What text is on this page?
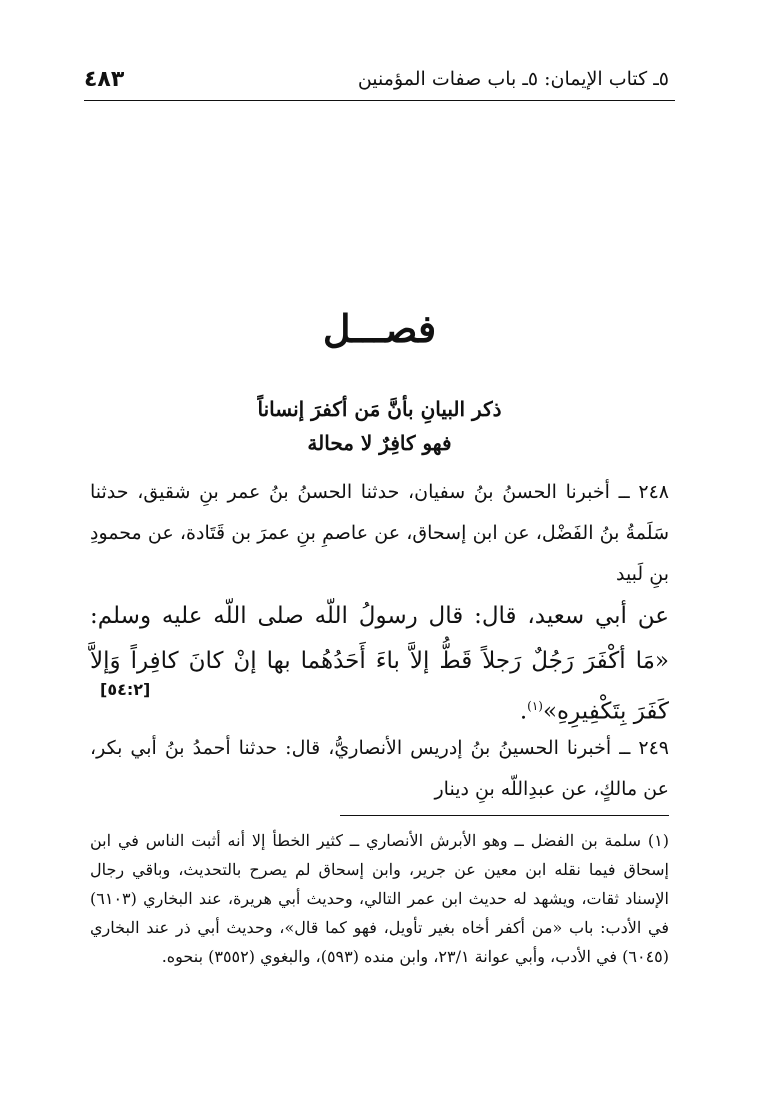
٤٨٣	٥ـ كتاب الإيمان: ٥ـ باب صفات المؤمنين
فصـــل
ذكر البيانِ بأنَّ مَن أكفرَ إنساناً
فهو كافِرٌ لا محالة
٢٤٨ ــ أخبرنا الحسنُ بنُ سفيان، حدثنا الحسنُ بنُ عمر بنِ شقيق، حدثنا سَلَمةُ بنُ الفَضْل، عن ابن إسحاق، عن عاصمِ بنِ عمرَ بن قَتَادة، عن محمودِ بنِ لَبيد
عن أبي سعيد، قال: قال رسولُ اللّه صلى اللّه عليه وسلم: «مَا أكْفَرَ رَجُلٌ رَجلاً قَطُّ إلاَّ باءَ أَحَدُهُما بها إنْ كانَ كافِراً وَإلاَّ كَفَرَ بِتَكْفِيرِهِ»$^{(١)}$.
[٥٤:٢]
٢٤٩ ــ أخبرنا الحسينُ بنُ إدريس الأنصاريُّ، قال: حدثنا أحمدُ بنُ أبي بكر، عن مالكٍ، عن عبدِاللّه بنِ دينار
(١) سلمة بن الفضل ــ وهو الأبرش الأنصاري ــ كثير الخطأ إلا أنه أثبت الناس في ابن إسحاق فيما نقله ابن معين عن جرير، وابن إسحاق لم يصرح بالتحديث، وباقي رجال الإسناد ثقات، ويشهد له حديث ابن عمر التالي، وحديث أبي هريرة، عند البخاري (٦١٠٣) في الأدب: باب «من أكفر أخاه بغير تأويل، فهو كما قال»، وحديث أبي ذر عند البخاري (٦٠٤٥) في الأدب، وأبي عوانة ٢٣/١، وابن منده (٥٩٣)، والبغوي (٣٥٥٢) بنحوه.
